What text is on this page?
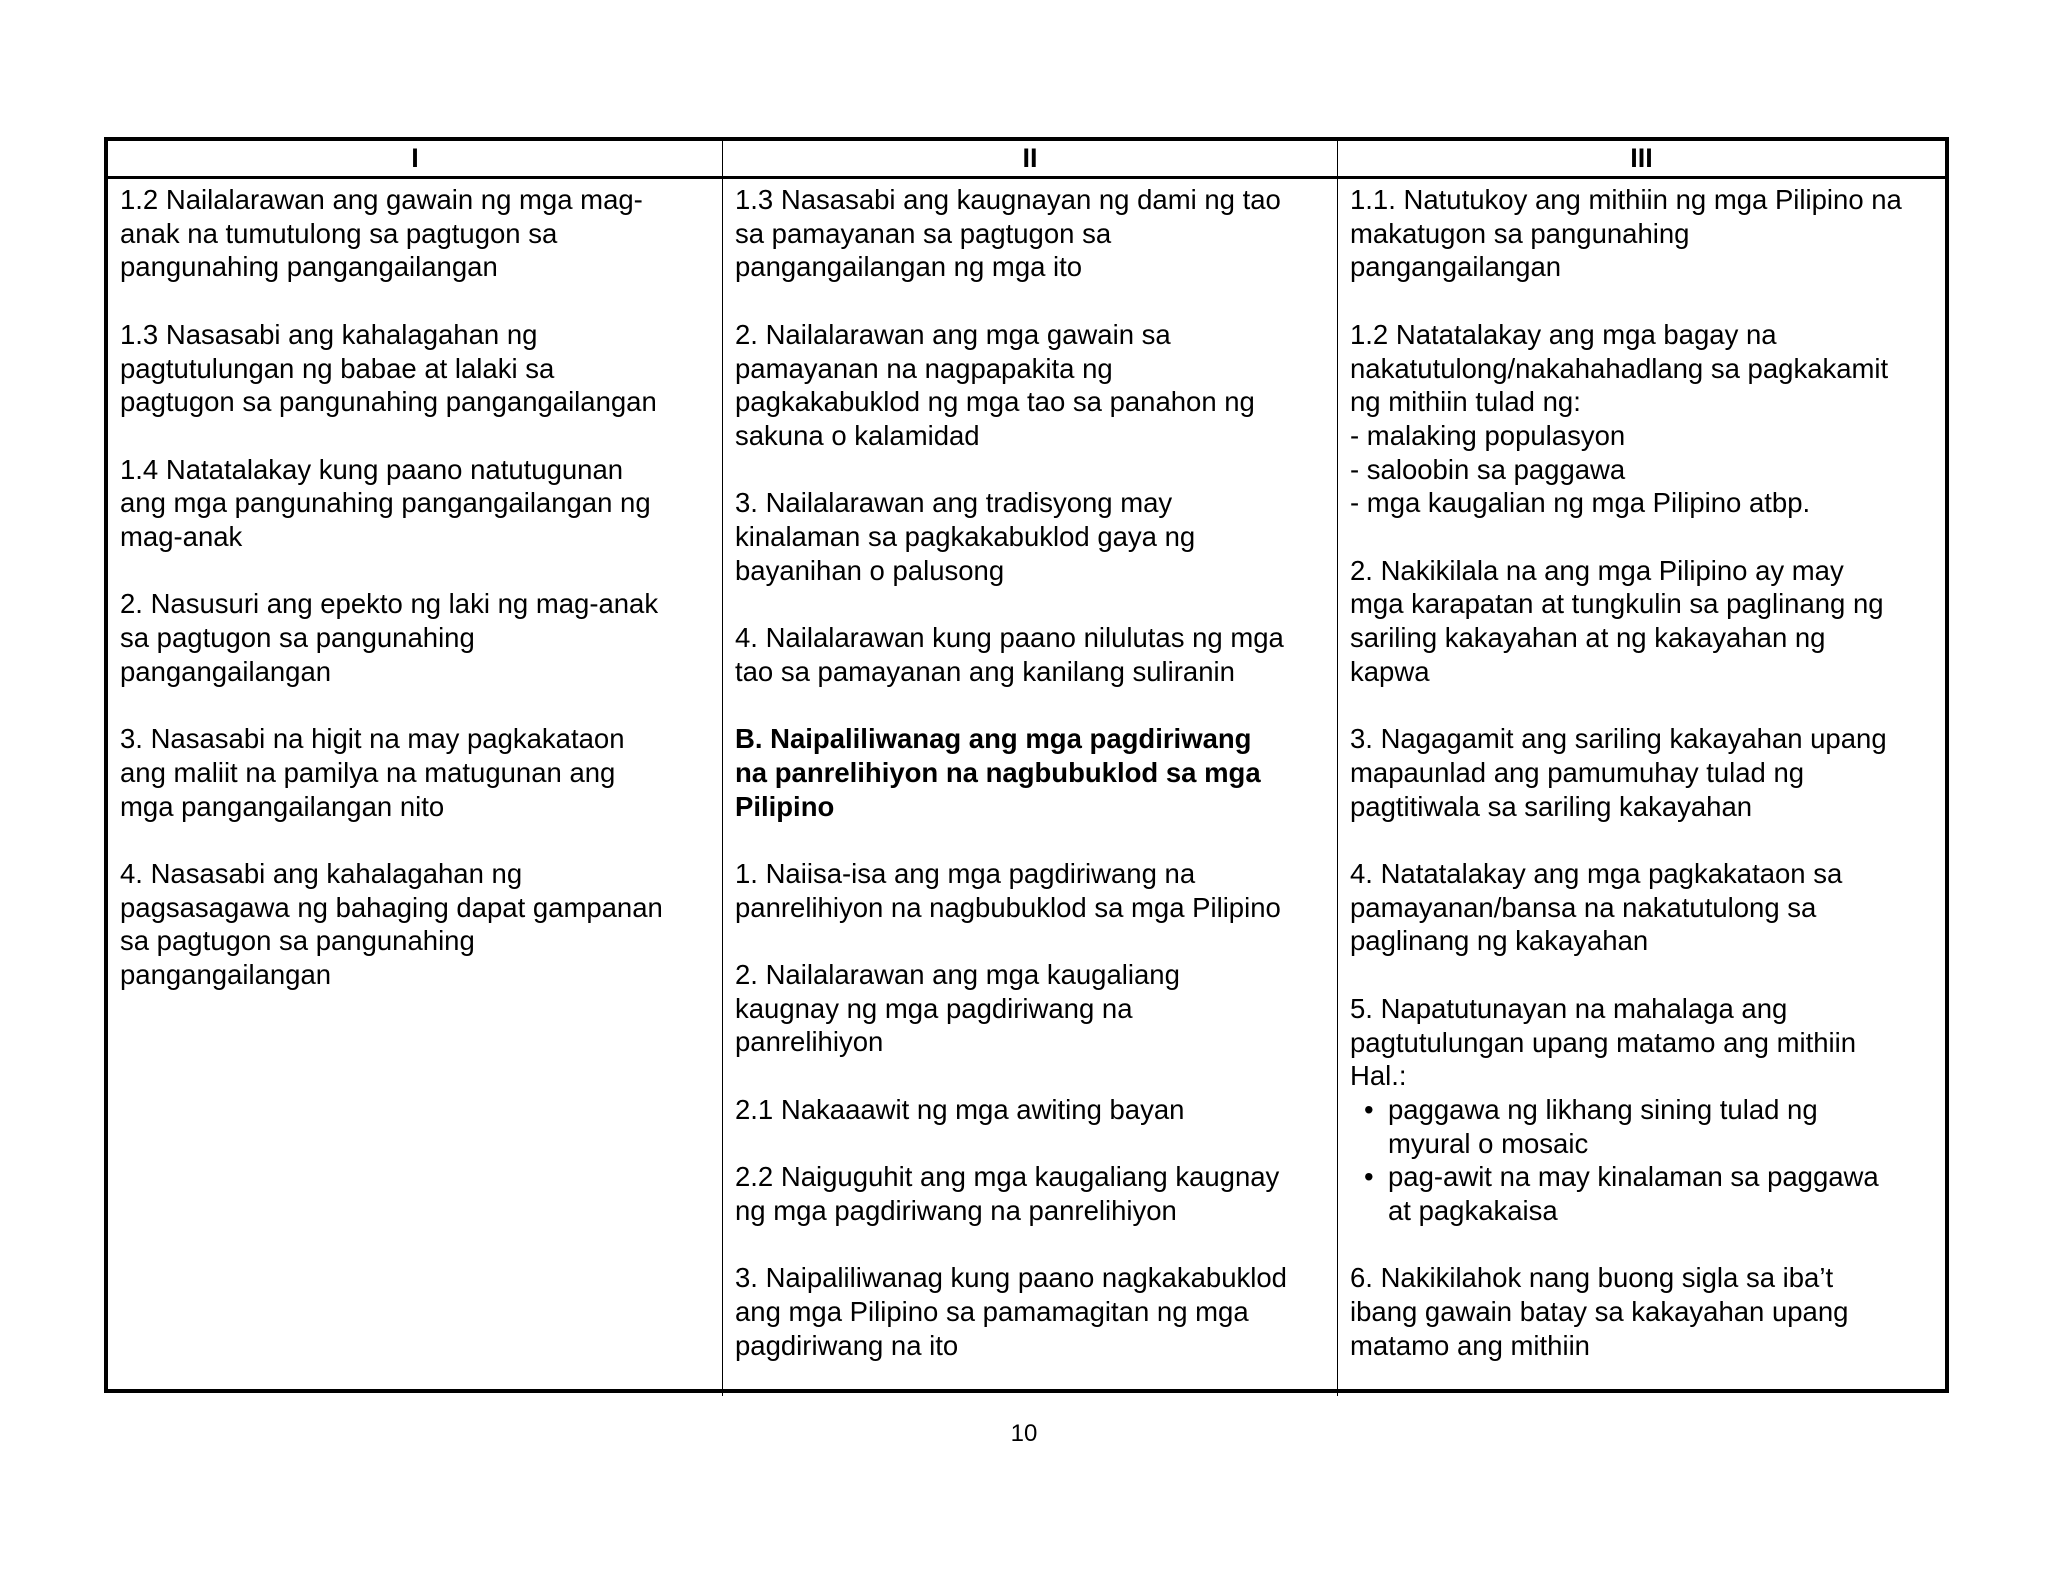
I	II	III
1.2 Nailalarawan ang gawain ng mga mag-
anak na tumutulong sa pagtugon sa
pangunahing pangangailangan
1.3 Nasasabi ang kahalagahan ng
pagtutulungan ng babae at lalaki sa
pagtugon sa pangunahing pangangailangan
1.4 Natatalakay kung paano natutugunan
ang mga pangunahing pangangailangan ng
mag-anak
2. Nasusuri ang epekto ng laki ng mag-anak
sa pagtugon sa pangunahing
pangangailangan
3. Nasasabi na higit na may pagkakataon
ang maliit na pamilya na matugunan ang
mga pangangailangan nito
4. Nasasabi ang kahalagahan ng
pagsasagawa ng bahaging dapat gampanan
sa pagtugon sa pangunahing
pangangailangan
1.3 Nasasabi ang kaugnayan ng dami ng tao
sa pamayanan sa pagtugon sa
pangangailangan ng mga ito
2. Nailalarawan ang mga gawain sa
pamayanan na nagpapakita ng
pagkakabuklod ng mga tao sa panahon ng
sakuna o kalamidad
3. Nailalarawan ang tradisyong may
kinalaman sa pagkakabuklod gaya ng
bayanihan o palusong
4. Nailalarawan kung paano nilulutas ng mga
tao sa pamayanan ang kanilang suliranin
B. Naipaliliwanag ang mga pagdiriwang
na panrelihiyon na nagbubuklod sa mga
Pilipino
1. Naiisa-isa ang mga pagdiriwang na
panrelihiyon na nagbubuklod sa mga Pilipino
2. Nailalarawan ang mga kaugaliang
kaugnay ng mga pagdiriwang na
panrelihiyon
2.1 Nakaaawit ng mga awiting bayan
2.2 Naiguguhit ang mga kaugaliang kaugnay
ng mga pagdiriwang na panrelihiyon
3. Naipaliliwanag kung paano nagkakabuklod
ang mga Pilipino sa pamamagitan ng mga
pagdiriwang na ito
1.1. Natutukoy ang mithiin ng mga Pilipino na
makatugon sa pangunahing
pangangailangan
1.2 Natatalakay ang mga bagay na
nakatutulong/nakahahadlang sa pagkakamit
ng mithiin tulad ng:
- malaking populasyon
- saloobin sa paggawa
- mga kaugalian ng mga Pilipino atbp.
2. Nakikilala na ang mga Pilipino ay may
mga karapatan at tungkulin sa paglinang ng
sariling kakayahan at ng kakayahan ng
kapwa
3. Nagagamit ang sariling kakayahan upang
mapaunlad ang pamumuhay tulad ng
pagtitiwala sa sariling kakayahan
4. Natatalakay ang mga pagkakataon sa
pamayanan/bansa na nakatutulong sa
paglinang ng kakayahan
5. Napatutunayan na mahalaga ang
pagtutulungan upang matamo ang mithiin
Hal.:
• paggawa ng likhang sining tulad ng
myural o mosaic
• pag-awit na may kinalaman sa paggawa
at pagkakaisa
6. Nakikilahok nang buong sigla sa iba’t
ibang gawain batay sa kakayahan upang
matamo ang mithiin
10
